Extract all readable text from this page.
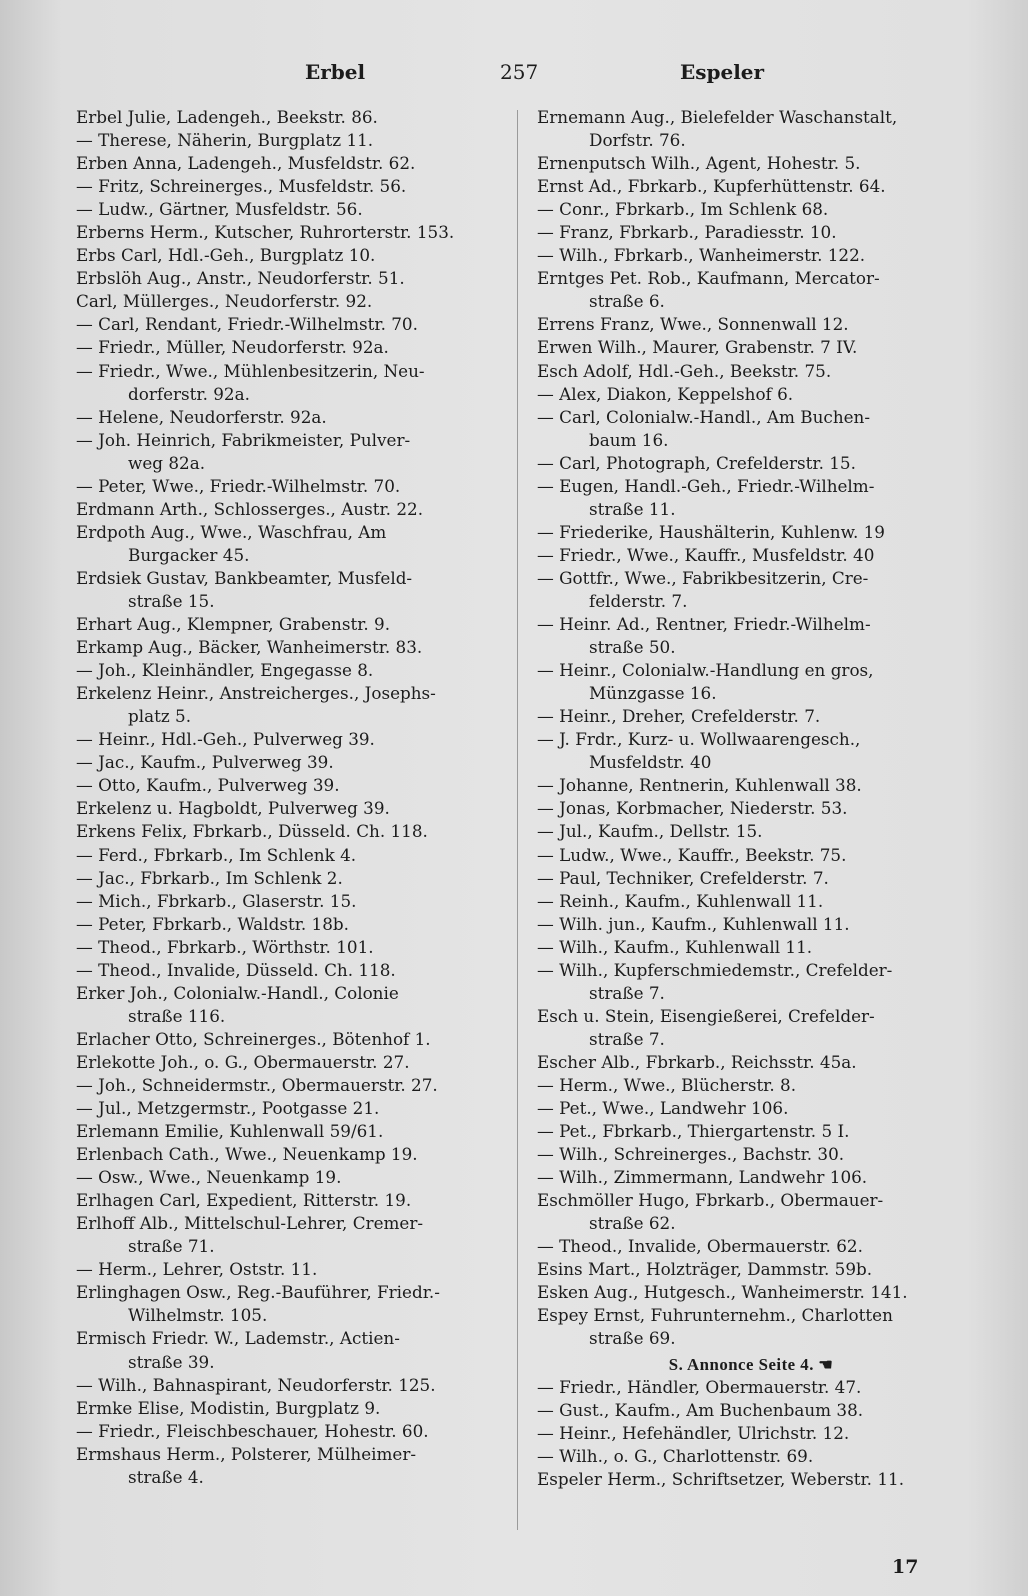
Erbel	257	Espeler
Erbel Julie, Ladengeh., Beekstr. 86.
— Therese, Näherin, Burgplatz 11.
Erben Anna, Ladengeh., Musfeldstr. 62.
— Fritz, Schreinerges., Musfeldstr. 56.
— Ludw., Gärtner, Musfeldstr. 56.
Erberns Herm., Kutscher, Ruhrorterstr. 153.
Erbs Carl, Hdl.-Geh., Burgplatz 10.
Erbslöh Aug., Anstr., Neudorferstr. 51.
Carl, Müllerges., Neudorferstr. 92.
— Carl, Rendant, Friedr.-Wilhelmstr. 70.
— Friedr., Müller, Neudorferstr. 92a.
— Friedr., Wwe., Mühlenbesitzerin, Neu-
dorferstr. 92a.
— Helene, Neudorferstr. 92a.
— Joh. Heinrich, Fabrikmeister, Pulver-
weg 82a.
— Peter, Wwe., Friedr.-Wilhelmstr. 70.
Erdmann Arth., Schlosserges., Austr. 22.
Erdpoth Aug., Wwe., Waschfrau, Am
Burgacker 45.
Erdsiek Gustav, Bankbeamter, Musfeld-
straße 15.
Erhart Aug., Klempner, Grabenstr. 9.
Erkamp Aug., Bäcker, Wanheimerstr. 83.
— Joh., Kleinhändler, Engegasse 8.
Erkelenz Heinr., Anstreicherges., Josephs-
platz 5.
— Heinr., Hdl.-Geh., Pulverweg 39.
— Jac., Kaufm., Pulverweg 39.
— Otto, Kaufm., Pulverweg 39.
Erkelenz u. Hagboldt, Pulverweg 39.
Erkens Felix, Fbrkarb., Düsseld. Ch. 118.
— Ferd., Fbrkarb., Im Schlenk 4.
— Jac., Fbrkarb., Im Schlenk 2.
— Mich., Fbrkarb., Glaserstr. 15.
— Peter, Fbrkarb., Waldstr. 18b.
— Theod., Fbrkarb., Wörthstr. 101.
— Theod., Invalide, Düsseld. Ch. 118.
Erker Joh., Colonialw.-Handl., Colonie
straße 116.
Erlacher Otto, Schreinerges., Bötenhof 1.
Erlekotte Joh., o. G., Obermauerstr. 27.
— Joh., Schneidermstr., Obermauerstr. 27.
— Jul., Metzgermstr., Pootgasse 21.
Erlemann Emilie, Kuhlenwall 59/61.
Erlenbach Cath., Wwe., Neuenkamp 19.
— Osw., Wwe., Neuenkamp 19.
Erlhagen Carl, Expedient, Ritterstr. 19.
Erlhoff Alb., Mittelschul-Lehrer, Cremer-
straße 71.
— Herm., Lehrer, Oststr. 11.
Erlinghagen Osw., Reg.-Bauführer, Friedr.-
Wilhelmstr. 105.
Ermisch Friedr. W., Lademstr., Actien-
straße 39.
— Wilh., Bahnaspirant, Neudorferstr. 125.
Ermke Elise, Modistin, Burgplatz 9.
— Friedr., Fleischbeschauer, Hohestr. 60.
Ermshaus Herm., Polsterer, Mülheimer-
straße 4.
Ernemann Aug., Bielefelder Waschanstalt,
Dorfstr. 76.
Ernenputsch Wilh., Agent, Hohestr. 5.
Ernst Ad., Fbrkarb., Kupferhüttenstr. 64.
— Conr., Fbrkarb., Im Schlenk 68.
— Franz, Fbrkarb., Paradiesstr. 10.
— Wilh., Fbrkarb., Wanheimerstr. 122.
Erntges Pet. Rob., Kaufmann, Mercator-
straße 6.
Errens Franz, Wwe., Sonnenwall 12.
Erwen Wilh., Maurer, Grabenstr. 7 IV.
Esch Adolf, Hdl.-Geh., Beekstr. 75.
— Alex, Diakon, Keppelshof 6.
— Carl, Colonialw.-Handl., Am Buchen-
baum 16.
— Carl, Photograph, Crefelderstr. 15.
— Eugen, Handl.-Geh., Friedr.-Wilhelm-
straße 11.
— Friederike, Haushälterin, Kuhlenw. 19
— Friedr., Wwe., Kauffr., Musfeldstr. 40
— Gottfr., Wwe., Fabrikbesitzerin, Cre-
felderstr. 7.
— Heinr. Ad., Rentner, Friedr.-Wilhelm-
straße 50.
— Heinr., Colonialw.-Handlung en gros,
Münzgasse 16.
— Heinr., Dreher, Crefelderstr. 7.
— J. Frdr., Kurz- u. Wollwaarengesch.,
Musfeldstr. 40
— Johanne, Rentnerin, Kuhlenwall 38.
— Jonas, Korbmacher, Niederstr. 53.
— Jul., Kaufm., Dellstr. 15.
— Ludw., Wwe., Kauffr., Beekstr. 75.
— Paul, Techniker, Crefelderstr. 7.
— Reinh., Kaufm., Kuhlenwall 11.
— Wilh. jun., Kaufm., Kuhlenwall 11.
— Wilh., Kaufm., Kuhlenwall 11.
— Wilh., Kupferschmiedemstr., Crefelder-
straße 7.
Esch u. Stein, Eisengießerei, Crefelder-
straße 7.
Escher Alb., Fbrkarb., Reichsstr. 45a.
— Herm., Wwe., Blücherstr. 8.
— Pet., Wwe., Landwehr 106.
— Pet., Fbrkarb., Thiergartenstr. 5 I.
— Wilh., Schreinerges., Bachstr. 30.
— Wilh., Zimmermann, Landwehr 106.
Eschmöller Hugo, Fbrkarb., Obermauer-
straße 62.
— Theod., Invalide, Obermauerstr. 62.
Esins Mart., Holzträger, Dammstr. 59b.
Esken Aug., Hutgesch., Wanheimerstr. 141.
Espey Ernst, Fuhrunternehm., Charlotten
straße 69.
S. Annonce Seite 4. ☚
— Friedr., Händler, Obermauerstr. 47.
— Gust., Kaufm., Am Buchenbaum 38.
— Heinr., Hefehändler, Ulrichstr. 12.
— Wilh., o. G., Charlottenstr. 69.
Espeler Herm., Schriftsetzer, Weberstr. 11.
17
